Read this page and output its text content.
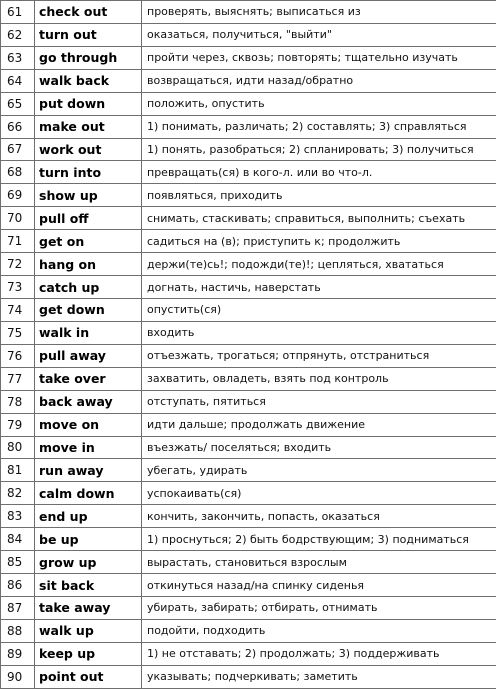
61	check out	проверять, выяснять; выписаться из
62	turn out	оказаться, получиться, "выйти"
63	go through	пройти через, сквозь; повторять; тщательно изучать
64	walk back	возвращаться, идти назад/обратно
65	put down	положить, опустить
66	make out	1) понимать, различать; 2) составлять; 3) справляться
67	work out	1) понять, разобраться; 2) спланировать; 3) получиться
68	turn into	превращать(ся) в кого-л. или во что-л.
69	show up	появляться, приходить
70	pull off	снимать, стаскивать; справиться, выполнить; съехать
71	get on	садиться на (в); приступить к; продолжить
72	hang on	держи(те)сь!; подожди(те)!; цепляться, хвататься
73	catch up	догнать, настичь, наверстать
74	get down	опустить(ся)
75	walk in	входить
76	pull away	отъезжать, трогаться; отпрянуть, отстраниться
77	take over	захватить, овладеть, взять под контроль
78	back away	отступать, пятиться
79	move on	идти дальше; продолжать движение
80	move in	въезжать/ поселяться; входить
81	run away	убегать, удирать
82	calm down	успокаивать(ся)
83	end up	кончить, закончить, попасть, оказаться
84	be up	1) проснуться; 2) быть бодрствующим; 3) подниматься
85	grow up	вырастать, становиться взрослым
86	sit back	откинуться назад/на спинку сиденья
87	take away	убирать, забирать; отбирать, отнимать
88	walk up	подойти, подходить
89	keep up	1) не отставать; 2) продолжать; 3) поддерживать
90	point out	указывать; подчеркивать; заметить
